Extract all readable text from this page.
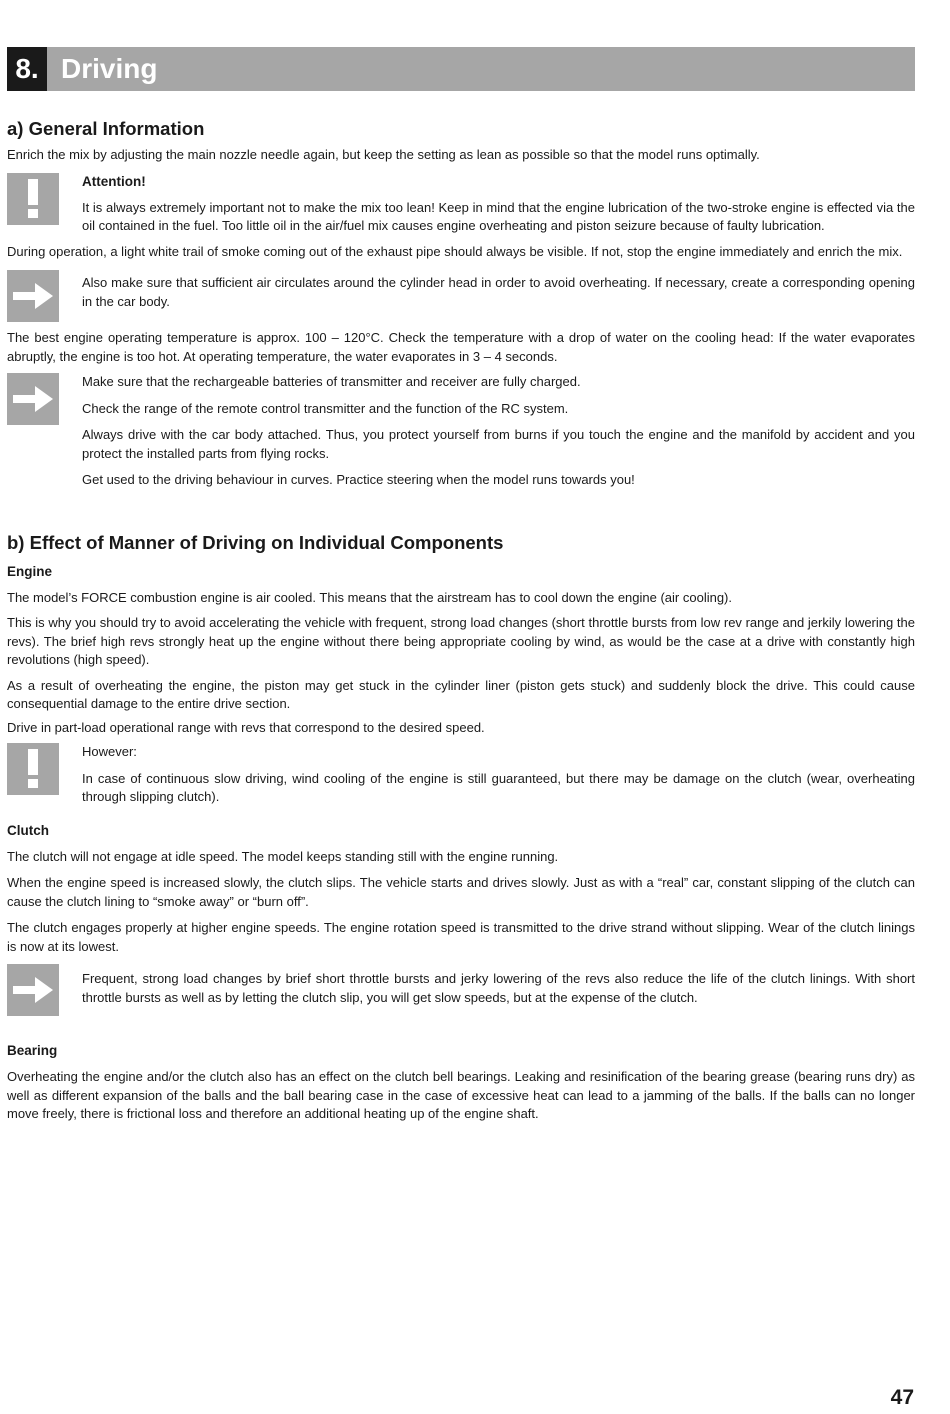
8. Driving
a) General Information

Enrich the mix by adjusting the main nozzle needle again, but keep the setting as lean as possible so that the model runs optimally.

Attention!

It is always extremely important not to make the mix too lean! Keep in mind that the engine lubrication of the two-stroke engine is effected via the oil contained in the fuel. Too little oil in the air/fuel mix causes engine overheating and piston seizure because of faulty lubrication.

During operation, a light white trail of smoke coming out of the exhaust pipe should always be visible. If not, stop the engine immediately and enrich the mix.

Also make sure that sufficient air circulates around the cylinder head in order to avoid overheating. If necessary, create a corresponding opening in the car body.

The best engine operating temperature is approx. 100 – 120°C. Check the temperature with a drop of water on the cooling head: If the water evaporates abruptly, the engine is too hot. At operating temperature, the water evaporates in 3 – 4 seconds.

Make sure that the rechargeable batteries of transmitter and receiver are fully charged.

Check the range of the remote control transmitter and the function of the RC system.

Always drive with the car body attached. Thus, you protect yourself from burns if you touch the engine and the manifold by accident and you protect the installed parts from flying rocks.

Get used to the driving behaviour in curves. Practice steering when the model runs towards you!

b) Effect of Manner of Driving on Individual Components
Engine

The model’s FORCE combustion engine is air cooled. This means that the airstream has to cool down the engine (air cooling).

This is why you should try to avoid accelerating the vehicle with frequent, strong load changes (short throttle bursts from low rev range and jerkily lowering the revs). The brief high revs strongly heat up the engine without there being appropriate cooling by wind, as would be the case at a drive with constantly high revolutions (high speed).

As a result of overheating the engine, the piston may get stuck in the cylinder liner (piston gets stuck) and suddenly block the drive. This could cause consequential damage to the entire drive section.

Drive in part-load operational range with revs that correspond to the desired speed.

However:

In case of continuous slow driving, wind cooling of the engine is still guaranteed, but there may be damage on the clutch (wear, overheating through slipping clutch).

Clutch

The clutch will not engage at idle speed. The model keeps standing still with the engine running.

When the engine speed is increased slowly, the clutch slips. The vehicle starts and drives slowly. Just as with a “real” car, constant slipping of the clutch can cause the clutch lining to “smoke away” or “burn off”.

The clutch engages properly at higher engine speeds. The engine rotation speed is transmitted to the drive strand without slipping. Wear of the clutch linings is now at its lowest.

Frequent, strong load changes by brief short throttle bursts and jerky lowering of the revs also reduce the life of the clutch linings. With short throttle bursts as well as by letting the clutch slip, you will get slow speeds, but at the expense of the clutch.

Bearing

Overheating the engine and/or the clutch also has an effect on the clutch bell bearings. Leaking and resinification of the bearing grease (bearing runs dry) as well as different expansion of the balls and the ball bearing case in the case of excessive heat can lead to a jamming of the balls. If the balls can no longer move freely, there is frictional loss and therefore an additional heating up of the engine shaft.

47
